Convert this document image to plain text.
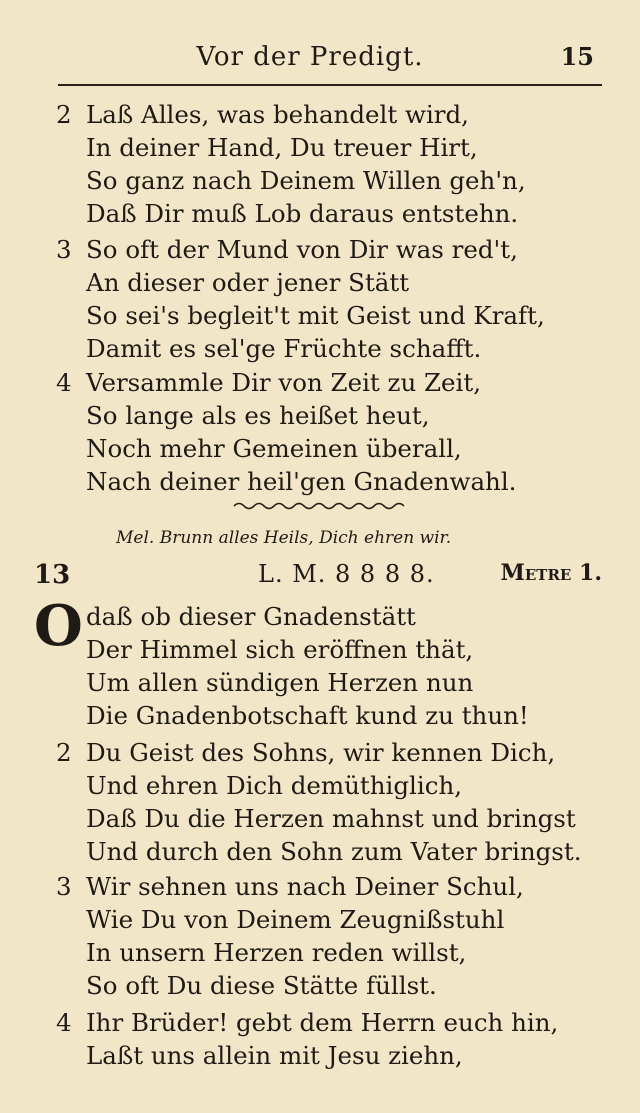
Vor der Predigt.	15
2 Laß Alles, was behandelt wird,
In deiner Hand, Du treuer Hirt,
So ganz nach Deinem Willen geh'n,
Daß Dir muß Lob daraus entstehn.
3 So oft der Mund von Dir was red't,
An dieser oder jener Stätt
So sei's begleit't mit Geist und Kraft,
Damit es sel'ge Früchte schafft.
4 Versammle Dir von Zeit zu Zeit,
So lange als es heißet heut,
Noch mehr Gemeinen überall,
Nach deiner heil'gen Gnadenwahl.
Mel. Brunn alles Heils, Dich ehren wir.
13	L. M. 8 8 8 8.	Metre 1.
O daß ob dieser Gnadenstätt
Der Himmel sich eröffnen thät,
Um allen sündigen Herzen nun
Die Gnadenbotschaft kund zu thun!
2 Du Geist des Sohns, wir kennen Dich,
Und ehren Dich demüthiglich,
Daß Du die Herzen mahnst und bringst
Und durch den Sohn zum Vater bringst.
3 Wir sehnen uns nach Deiner Schul,
Wie Du von Deinem Zeugnißstuhl
In unsern Herzen reden willst,
So oft Du diese Stätte füllst.
4 Ihr Brüder! gebt dem Herrn euch hin,
Laßt uns allein mit Jesu ziehn,
